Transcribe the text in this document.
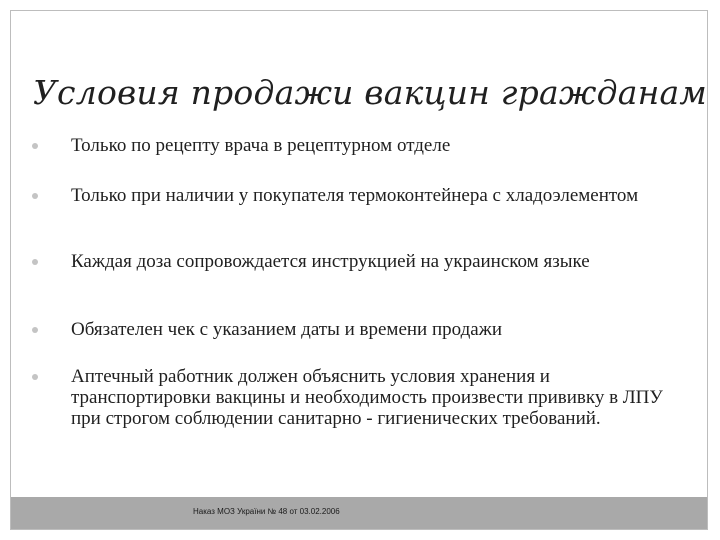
Условия продажи вакцин гражданам
Только по рецепту врача в рецептурном отделе
Только при наличии у покупателя термоконтейнера с хладоэлементом
Каждая доза сопровождается инструкцией на украинском языке
Обязателен чек с указанием даты и времени продажи
Аптечный работник должен объяснить условия хранения и транспортировки вакцины и необходимость произвести прививку в ЛПУ при строгом соблюдении санитарно - гигиенических требований.
Наказ МОЗ України № 48 от 03.02.2006
